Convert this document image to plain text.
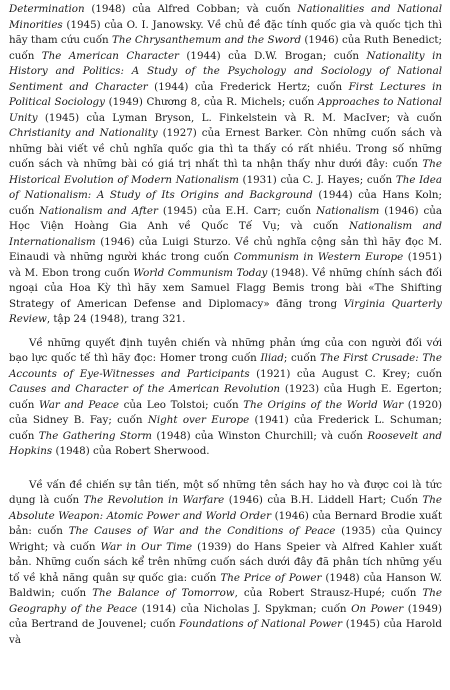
Determination (1948) của Alfred Cobban; và cuốn Nationalities and National Minorities (1945) của O. I. Janowsky. Về chủ đề đặc tính quốc gia và quốc tịch thì hãy tham cứu cuốn The Chrysanthemum and the Sword (1946) của Ruth Benedict; cuốn The American Character (1944) của D.W. Brogan; cuốn Nationality in History and Politics: A Study of the Psychology and Sociology of National Sentiment and Character (1944) của Frederick Hertz; cuốn First Lectures in Political Sociology (1949) Chương 8, của R. Michels; cuốn Approaches to National Unity (1945) của Lyman Bryson, L. Finkelstein và R. M. MacIver; và cuốn Christianity and Nationality (1927) của Ernest Barker. Còn những cuốn sách và những bài viết về chủ nghĩa quốc gia thì ta thấy có rất nhiều. Trong số những cuốn sách và những bài có giá trị nhất thì ta nhận thấy như dưới đây: cuốn The Historical Evolution of Modern Nationalism (1931) của C. J. Hayes; cuốn The Idea of Nationalism: A Study of Its Origins and Background (1944) của Hans Koln; cuốn Nationalism and After (1945) của E.H. Carr; cuốn Nationalism (1946) của Học Viện Hoàng Gia Anh về Quốc Tế Vụ; và cuốn Nationalism and Internationalism (1946) của Luigi Sturzo. Về chủ nghĩa cộng sản thì hãy đọc M. Einaudi và những người khác trong cuốn Communism in Western Europe (1951) và M. Ebon trong cuốn World Communism Today (1948). Về những chính sách đối ngoại của Hoa Kỳ thì hãy xem Samuel Flagg Bemis trong bài «The Shifting Strategy of American Defense and Diplomacy» đăng trong Virginia Quarterly Review, tập 24 (1948), trang 321.

Về những quyết định tuyên chiến và những phản ứng của con người đối với bạo lực quốc tế thì hãy đọc: Homer trong cuốn Iliad; cuốn The First Crusade: The Accounts of Eye-Witnesses and Participants (1921) của August C. Krey; cuốn Causes and Character of the American Revolution (1923) của Hugh E. Egerton; cuốn War and Peace của Leo Tolstoi; cuốn The Origins of the World War (1920) của Sidney B. Fay; cuốn Night over Europe (1941) của Frederick L. Schuman; cuốn The Gathering Storm (1948) của Winston Churchill; và cuốn Roosevelt and Hopkins (1948) của Robert Sherwood.

Về vấn đề chiến sự tân tiến, một số những tên sách hay ho và được coi là tức dụng là cuốn The Revolution in Warfare (1946) của B.H. Liddell Hart; Cuốn The Absolute Weapon: Atomic Power and World Order (1946) của Bernard Brodie xuất bản: cuốn The Causes of War and the Conditions of Peace (1935) của Quincy Wright; và cuốn War in Our Time (1939) do Hans Speier và Alfred Kahler xuất bản. Những cuốn sách kể trên những cuốn sách dưới đây đã phân tích những yếu tố về khả năng quân sự quốc gia: cuốn The Price of Power (1948) của Hanson W. Baldwin; cuốn The Balance of Tomorrow, của Robert Strausz-Hupé; cuốn The Geography of the Peace (1914) của Nicholas J. Spykman; cuốn On Power (1949) của Bertrand de Jouvenel; cuốn Foundations of National Power (1945) của Harold và
